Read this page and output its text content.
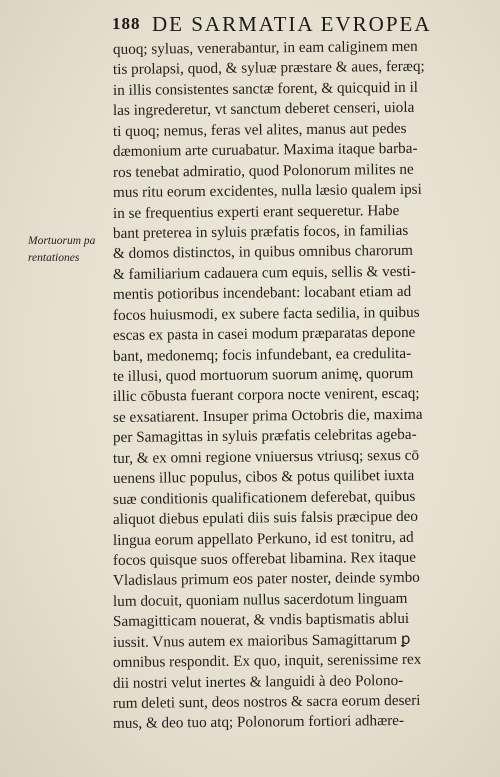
188 DE SARMATIA EVROPEA
Mortuorum pa
rentationes
quoq; syluas, venerabantur, in eam caliginem men
tis prolapsi, quod, & syluæ præstare & aues, feræq;
in illis consistentes sanctæ forent, & quicquid in il
las ingrederetur, vt sanctum deberet censeri, uiola
ti quoq; nemus, feras vel alites, manus aut pedes
dæmonium arte curuabatur. Maxima itaque barba-
ros tenebat admiratio, quod Polonorum milites ne
mus ritu eorum excidentes, nulla læsio qualem ipsi
in se frequentius experti erant sequeretur. Habe
bant preterea in syluis præfatis focos, in familias
& domos distinctos, in quibus omnibus charorum
& familiarium cadauera cum equis, sellis & vesti-
mentis potioribus incendebant: locabant etiam ad
focos huiusmodi, ex subere facta sedilia, in quibus
escas ex pasta in casei modum præparatas depone
bant, medonemq; focis infundebant, ea credulita-
te illusi, quod mortuorum suorum animę, quorum
illic cōbusta fuerant corpora nocte venirent, escaq;
se exsatiarent. Insuper prima Octobris die, maxima
per Samagittas in syluis præfatis celebritas ageba-
tur, & ex omni regione vniuersus vtriusq; sexus cō
uenens illuc populus, cibos & potus quilibet iuxta
suæ conditionis qualificationem deferebat, quibus
aliquot diebus epulati diis suis falsis præcipue deo
lingua eorum appellato Perkuno, id est tonitru, ad
focos quisque suos offerebat libamina. Rex itaque
Vladislaus primum eos pater noster, deinde symbo
lum docuit, quoniam nullus sacerdotum linguam
Samagitticam nouerat, & vndis baptismatis ablui
iussit. Vnus autem ex maioribus Samagittarum ꝑ
omnibus respondit. Ex quo, inquit, serenissime rex
dii nostri velut inertes & languidi à deo Polono-
rum deleti sunt, deos nostros & sacra eorum deseri
mus, & deo tuo atq; Polonorum fortiori adhære-
